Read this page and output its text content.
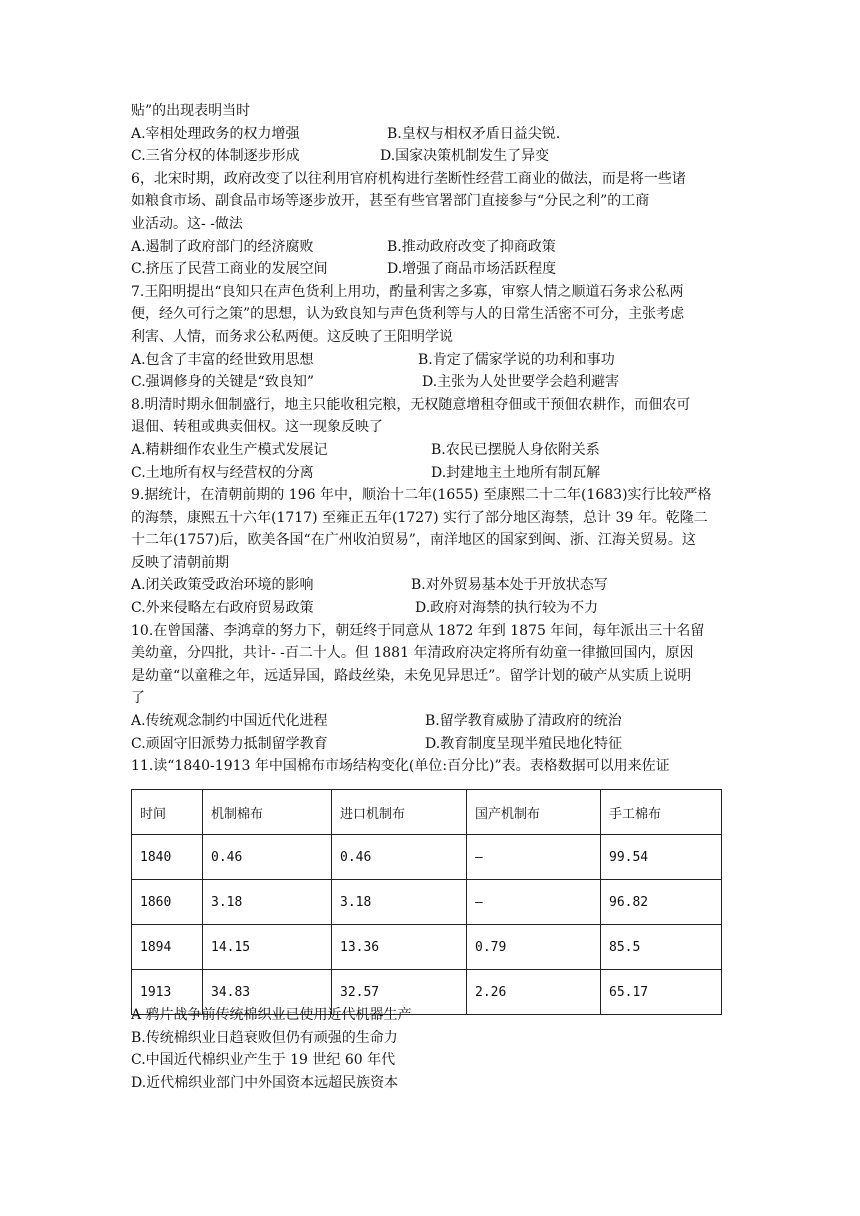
贴”的出现表明当时
A.宰相处理政务的权力增强	B.皇权与相权矛盾日益尖锐.
C.三省分权的体制逐步形成	D.国家决策机制发生了异变
6，北宋时期，政府改变了以往利用官府机构进行垄断性经营工商业的做法，而是将一些诸
如粮食市场、副食品市场等逐步放开，甚至有些官署部门直接参与“分民之利”的工商
业活动。这- -做法
A.遏制了政府部门的经济腐败	B.推动政府改变了抑商政策
C.挤压了民营工商业的发展空间	D.增强了商品市场活跃程度
7.王阳明提出“良知只在声色货利上用功，酌量利害之多寡，审察人情之顺道石务求公私两
便，经久可行之策”的思想，认为致良知与声色货利等与人的日常生活密不可分，主张考虑
利害、人情，而务求公私两便。这反映了王阳明学说
A.包含了丰富的经世致用思想	B.肯定了儒家学说的功利和事功
C.强调修身的关键是“致良知”	D.主张为人处世要学会趋利避害
8.明清时期永佃制盛行，地主只能收租完粮，无权随意增租夺佃或干预佃农耕作，而佃农可
退佃、转租或典卖佃权。这一现象反映了
A.精耕细作农业生产模式发展记	B.农民已摆脱人身依附关系
C.土地所有权与经营权的分离	D.封建地主土地所有制瓦解
9.据统计，在清朝前期的 196 年中，顺治十二年(1655) 至康熙二十二年(1683)实行比较严格
的海禁，康熙五十六年(1717) 至雍正五年(1727) 实行了部分地区海禁，总计 39 年。乾隆二
十二年(1757)后，欧美各国“在广州收泊贸易”，南洋地区的国家到闽、浙、江海关贸易。这
反映了清朝前期
A.闭关政策受政治环境的影响	B.对外贸易基本处于开放状态写
C.外来侵略左右政府贸易政策	D.政府对海禁的执行较为不力
10.在曾国藩、李鸿章的努力下，朝廷终于同意从 1872 年到 1875 年间，每年派出三十名留
美幼童，分四批，共计- -百二十人。但 1881 年清政府决定将所有幼童一律撤回国内，原因
是幼童“以童稚之年，远适异国，路歧丝染，未免见异思迁”。留学计划的破产从实质上说明
了
A.传统观念制约中国近代化进程	B.留学教育威胁了清政府的统治
C.顽固守旧派势力抵制留学教育	D.教育制度呈现半殖民地化特征
11.读“1840-1913 年中国棉布市场结构变化(单位:百分比)”表。表格数据可以用来佐证
时间	机制棉布	进口机制布	国产机制布	手工棉布
1840	0.46	0.46	—	99.54
1860	3.18	3.18	—	96.82
1894	14.15	13.36	0.79	85.5
1913	34.83	32.57	2.26	65.17
A 鸦片战争前传统棉织业已使用近代机器生产
B.传统棉织业日趋衰败但仍有顽强的生命力
C.中国近代棉织业产生于 19 世纪 60 年代
D.近代棉织业部门中外国资本远超民族资本
